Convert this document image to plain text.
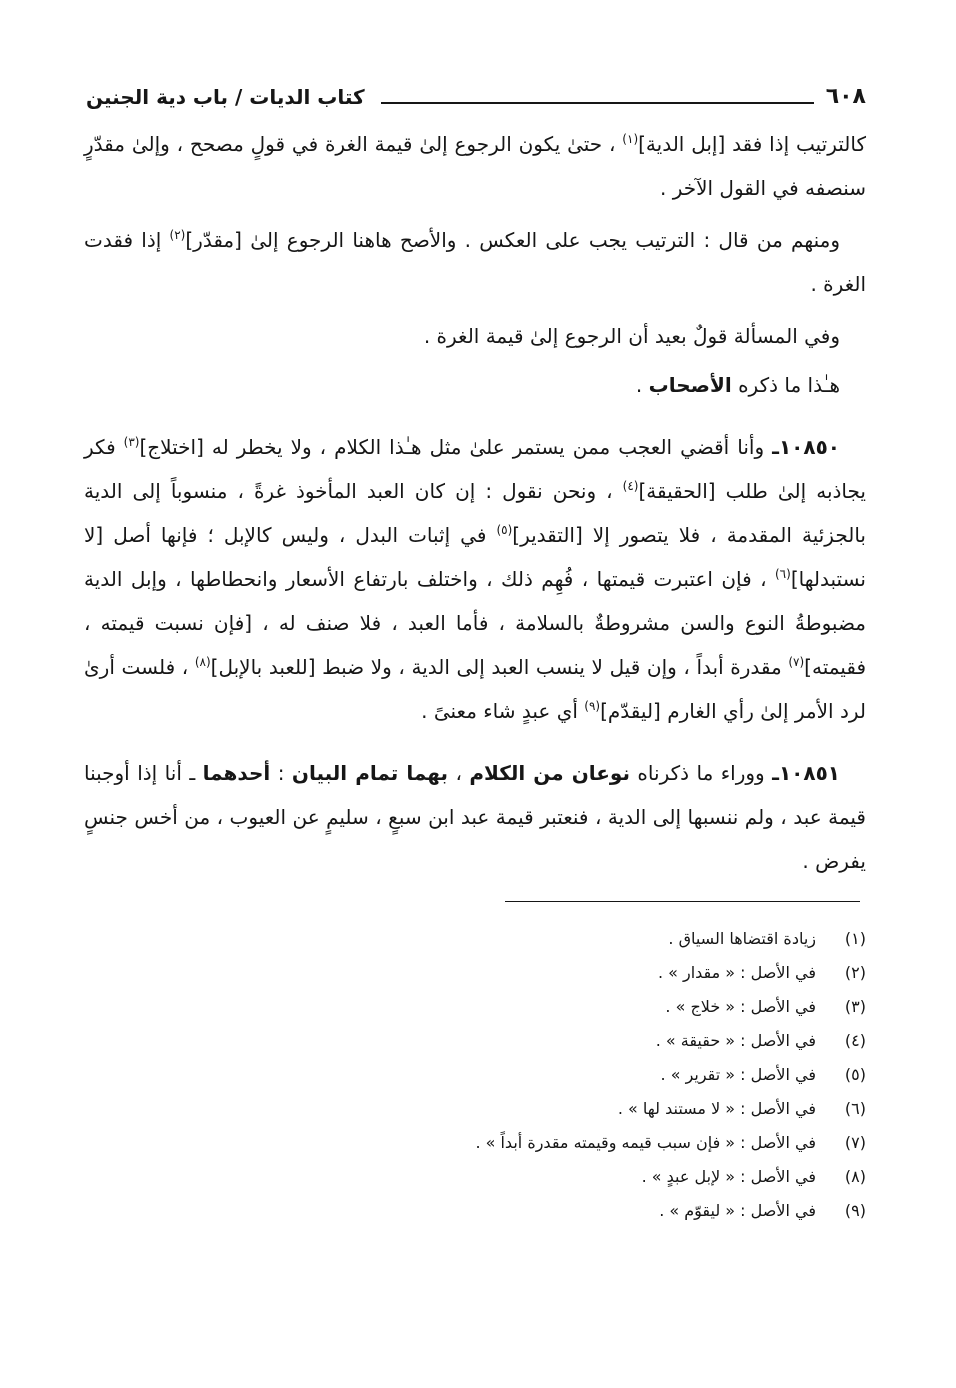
٦٠٨
كتاب الديات / باب دية الجنين

كالترتيب إذا فقد [إبل الدية]$^{(١)}$ ، حتىٰ يكون الرجوع إلىٰ قيمة الغرة في قولٍ مصحح ، وإلىٰ مقدّرٍ سنصفه في القول الآخر .

ومنهم من قال : الترتيب يجب على العكس . والأصح هاهنا الرجوع إلىٰ [مقدّر]$^{(٢)}$ إذا فقدت الغرة .

وفي المسألة قولٌ بعيد أن الرجوع إلىٰ قيمة الغرة .

هـٰذا ما ذكره الأصحاب .

١٠٨٥٠ـ وأنا أقضي العجب ممن يستمر علىٰ مثل هـٰذا الكلام ، ولا يخطر له [اختلاج]$^{(٣)}$ فكر يجاذبه إلىٰ طلب [الحقيقة]$^{(٤)}$ ، ونحن نقول : إن كان العبد المأخوذ غرةً ، منسوباً إلى الدية بالجزئية المقدمة ، فلا يتصور إلا [التقدير]$^{(٥)}$ في إثبات البدل ، وليس كالإبل ؛ فإنها أصل [لا نستبدلها]$^{(٦)}$ ، فإن اعتبرت قيمتها ، فُهِم ذلك ، واختلف بارتفاع الأسعار وانحطاطها ، وإبل الدية مضبوطةُ النوع والسن مشروطةٌ بالسلامة ، فأما العبد ، فلا صنف له ، [فإن نسبت قيمته ، فقيمته]$^{(٧)}$ مقدرة أبداً ، وإن قيل لا ينسب العبد إلى الدية ، ولا ضبط [للعبد بالإبل]$^{(٨)}$ ، فلست أرىٰ لرد الأمر إلىٰ رأي الغارم [ليقدّم]$^{(٩)}$ أي عبدٍ شاء معنىً .

١٠٨٥١ـ ووراء ما ذكرناه نوعان من الكلام ، بهما تمام البيان : أحدهما ـ أنا إذا أوجبنا قيمة عبد ، ولم ننسبها إلى الدية ، فنعتبر قيمة عبد ابن سبعٍ ، سليمٍ عن العيوب ، من أخس جنسٍ يفرض .

(١)
زيادة اقتضاها السياق .
(٢)
في الأصل : « مقدار » .
(٣)
في الأصل : « خلاج » .
(٤)
في الأصل : « حقيقة » .
(٥)
في الأصل : « تقرير » .
(٦)
في الأصل : « لا مستند لها » .
(٧)
في الأصل : « فإن سبب قيمه وقيمته مقدرة أبداً » .
(٨)
في الأصل : « لإبل عبدٍ » .
(٩)
في الأصل : « ليقوّم » .
